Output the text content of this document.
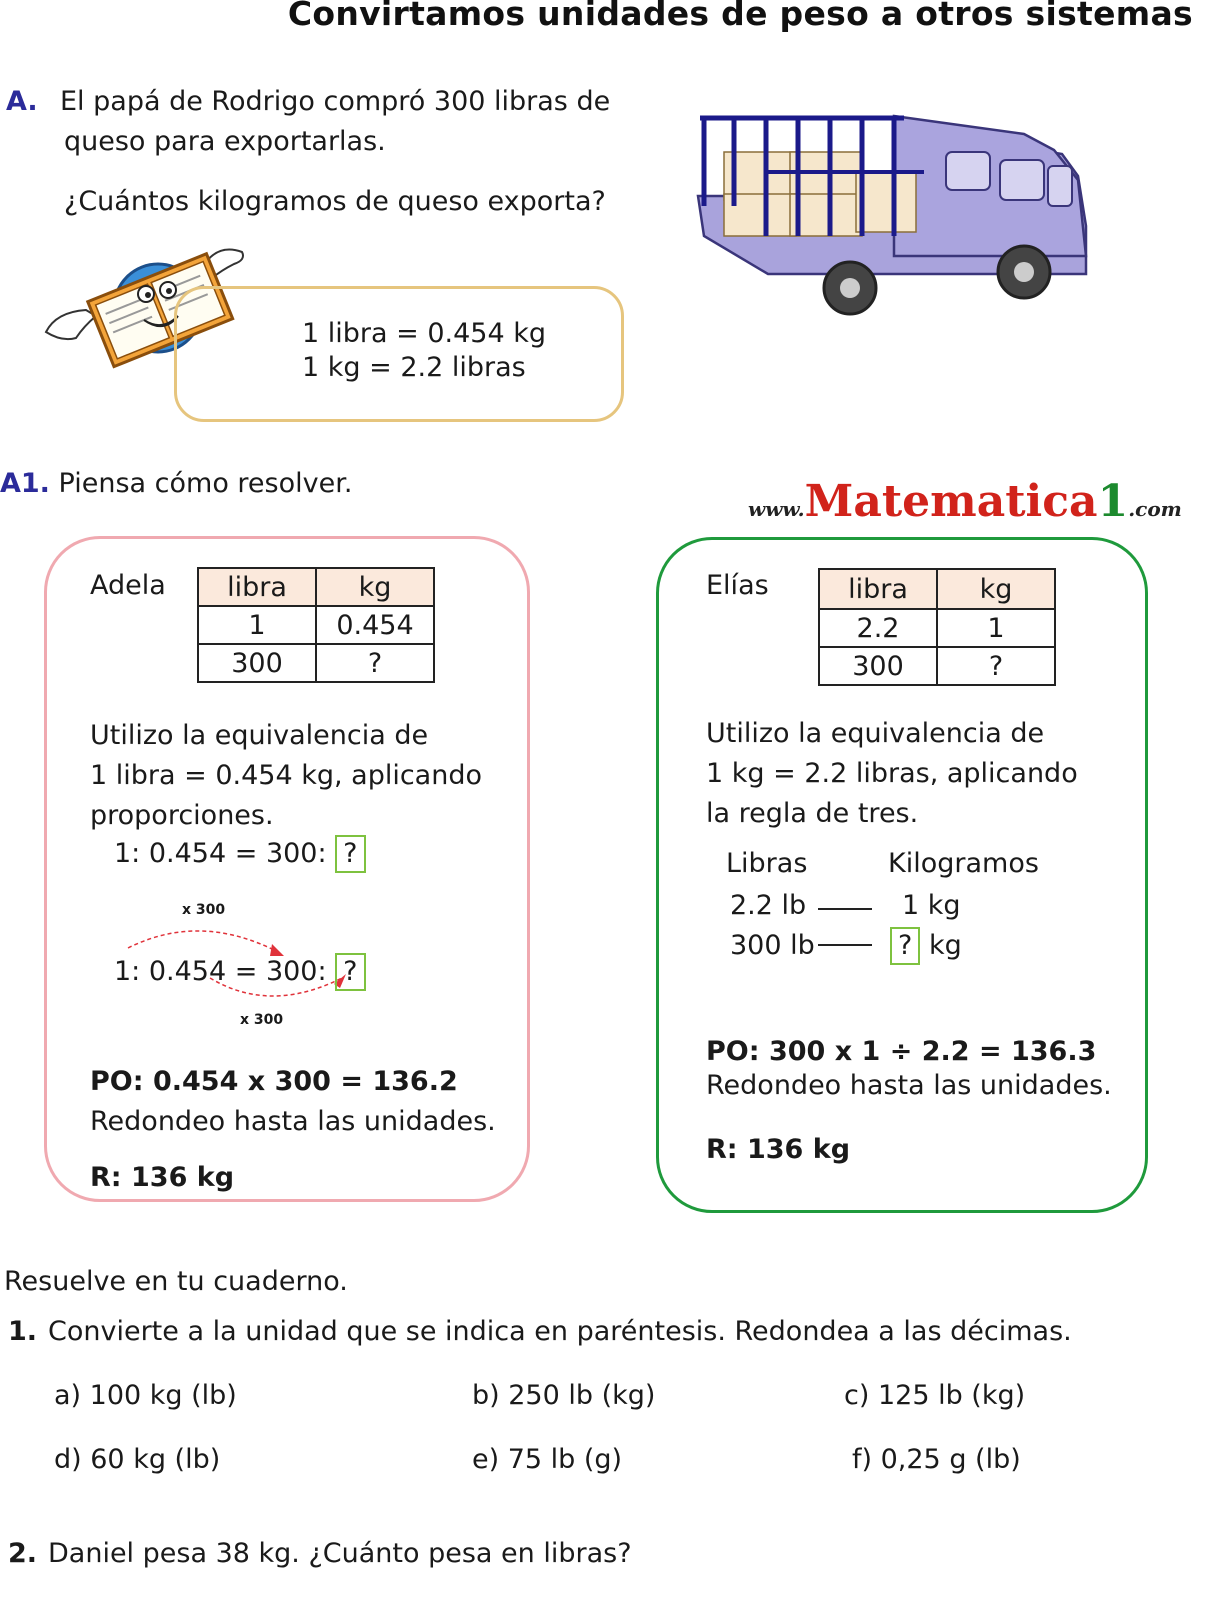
Convirtamos unidades de peso a otros sistemas
A. El papá de Rodrigo compró 300 libras de
queso para exportarlas.
¿Cuántos kilogramos de queso exporta?
1 libra = 0.454 kg
1 kg = 2.2 libras
A1. Piensa cómo resolver.
www.Matematica1.com
Adela libra	kg
1	0.454
300	?
Utilizo la equivalencia de
1 libra = 0.454 kg, aplicando
proporciones.
1: 0.454 = 300: ?
x 300
1: 0.454 = 300: ?
x 300
PO: 0.454 x 300 = 136.2
Redondeo hasta las unidades.
R: 136 kg
Elías	libra	kg
2.2	1
300	?
Utilizo la equivalencia de
1 kg = 2.2 libras, aplicando
la regla de tres.
Libras	Kilogramos
2.2 lb	1 kg
300 lb	? kg
PO: 300 x 1 ÷ 2.2 = 136.3
Redondeo hasta las unidades.
R: 136 kg
Resuelve en tu cuaderno.
1. Convierte a la unidad que se indica en paréntesis. Redondea a las décimas.
a) 100 kg (lb)	b) 250 lb (kg)	c) 125 lb (kg)
d) 60 kg (lb)	e) 75 lb (g)	f) 0,25 g (lb)
2. Daniel pesa 38 kg. ¿Cuánto pesa en libras?
